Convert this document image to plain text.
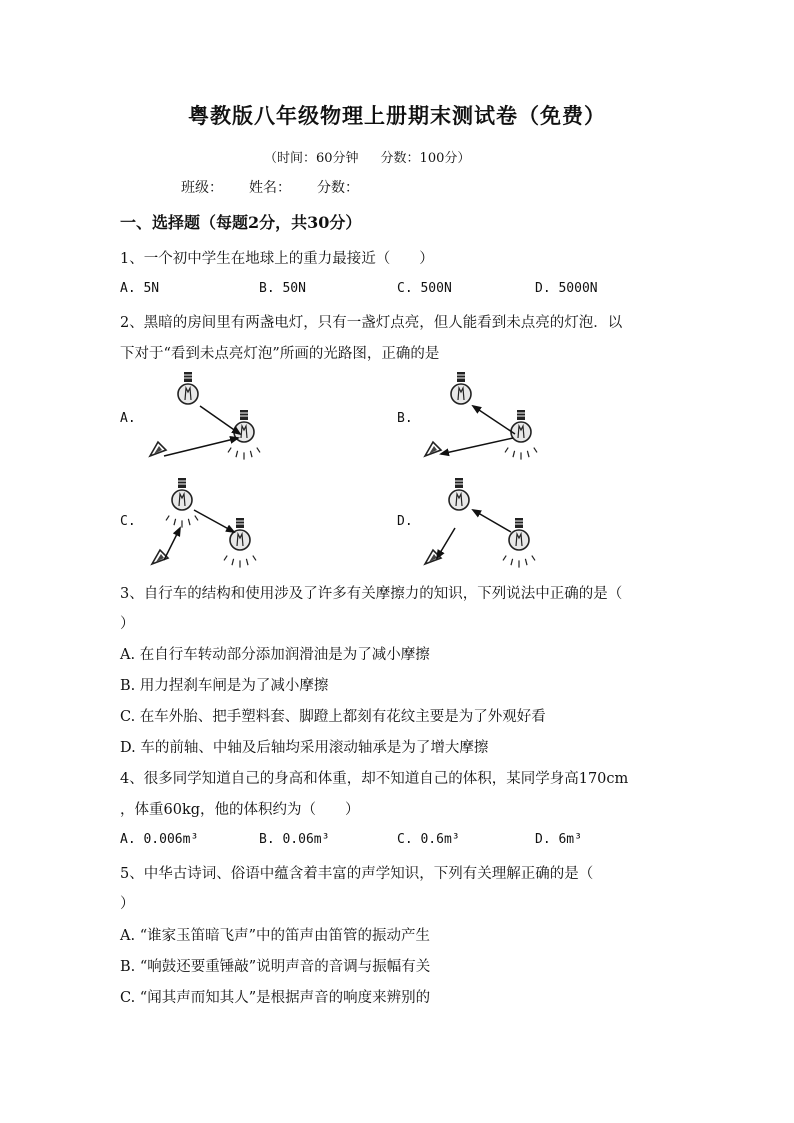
粤教版八年级物理上册期末测试卷（免费）
（时间：60分钟 分数：100分）
班级： 姓名： 分数：
一、选择题（每题2分，共30分）
1、一个初中学生在地球上的重力最接近（　　）
A. 5N	B. 50N	C. 500N	D. 5000N
2、黑暗的房间里有两盏电灯，只有一盏灯点亮，但人能看到未点亮的灯泡．以
下对于“看到未点亮灯泡”所画的光路图，正确的是
A.	B.
C.	D.
3、自行车的结构和使用涉及了许多有关摩擦力的知识，下列说法中正确的是（
）
A. 在自行车转动部分添加润滑油是为了减小摩擦
B. 用力捏刹车闸是为了减小摩擦
C. 在车外胎、把手塑料套、脚蹬上都刻有花纹主要是为了外观好看
D. 车的前轴、中轴及后轴均采用滚动轴承是为了增大摩擦
4、很多同学知道自己的身高和体重，却不知道自己的体积，某同学身高170cm
，体重60kg，他的体积约为（　　）
A. 0.006m³	B. 0.06m³	C. 0.6m³	D. 6m³
5、中华古诗词、俗语中蕴含着丰富的声学知识，下列有关理解正确的是（
）
A. “谁家玉笛暗飞声”中的笛声由笛管的振动产生
B. “响鼓还要重锤敲”说明声音的音调与振幅有关
C. “闻其声而知其人”是根据声音的响度来辨别的
